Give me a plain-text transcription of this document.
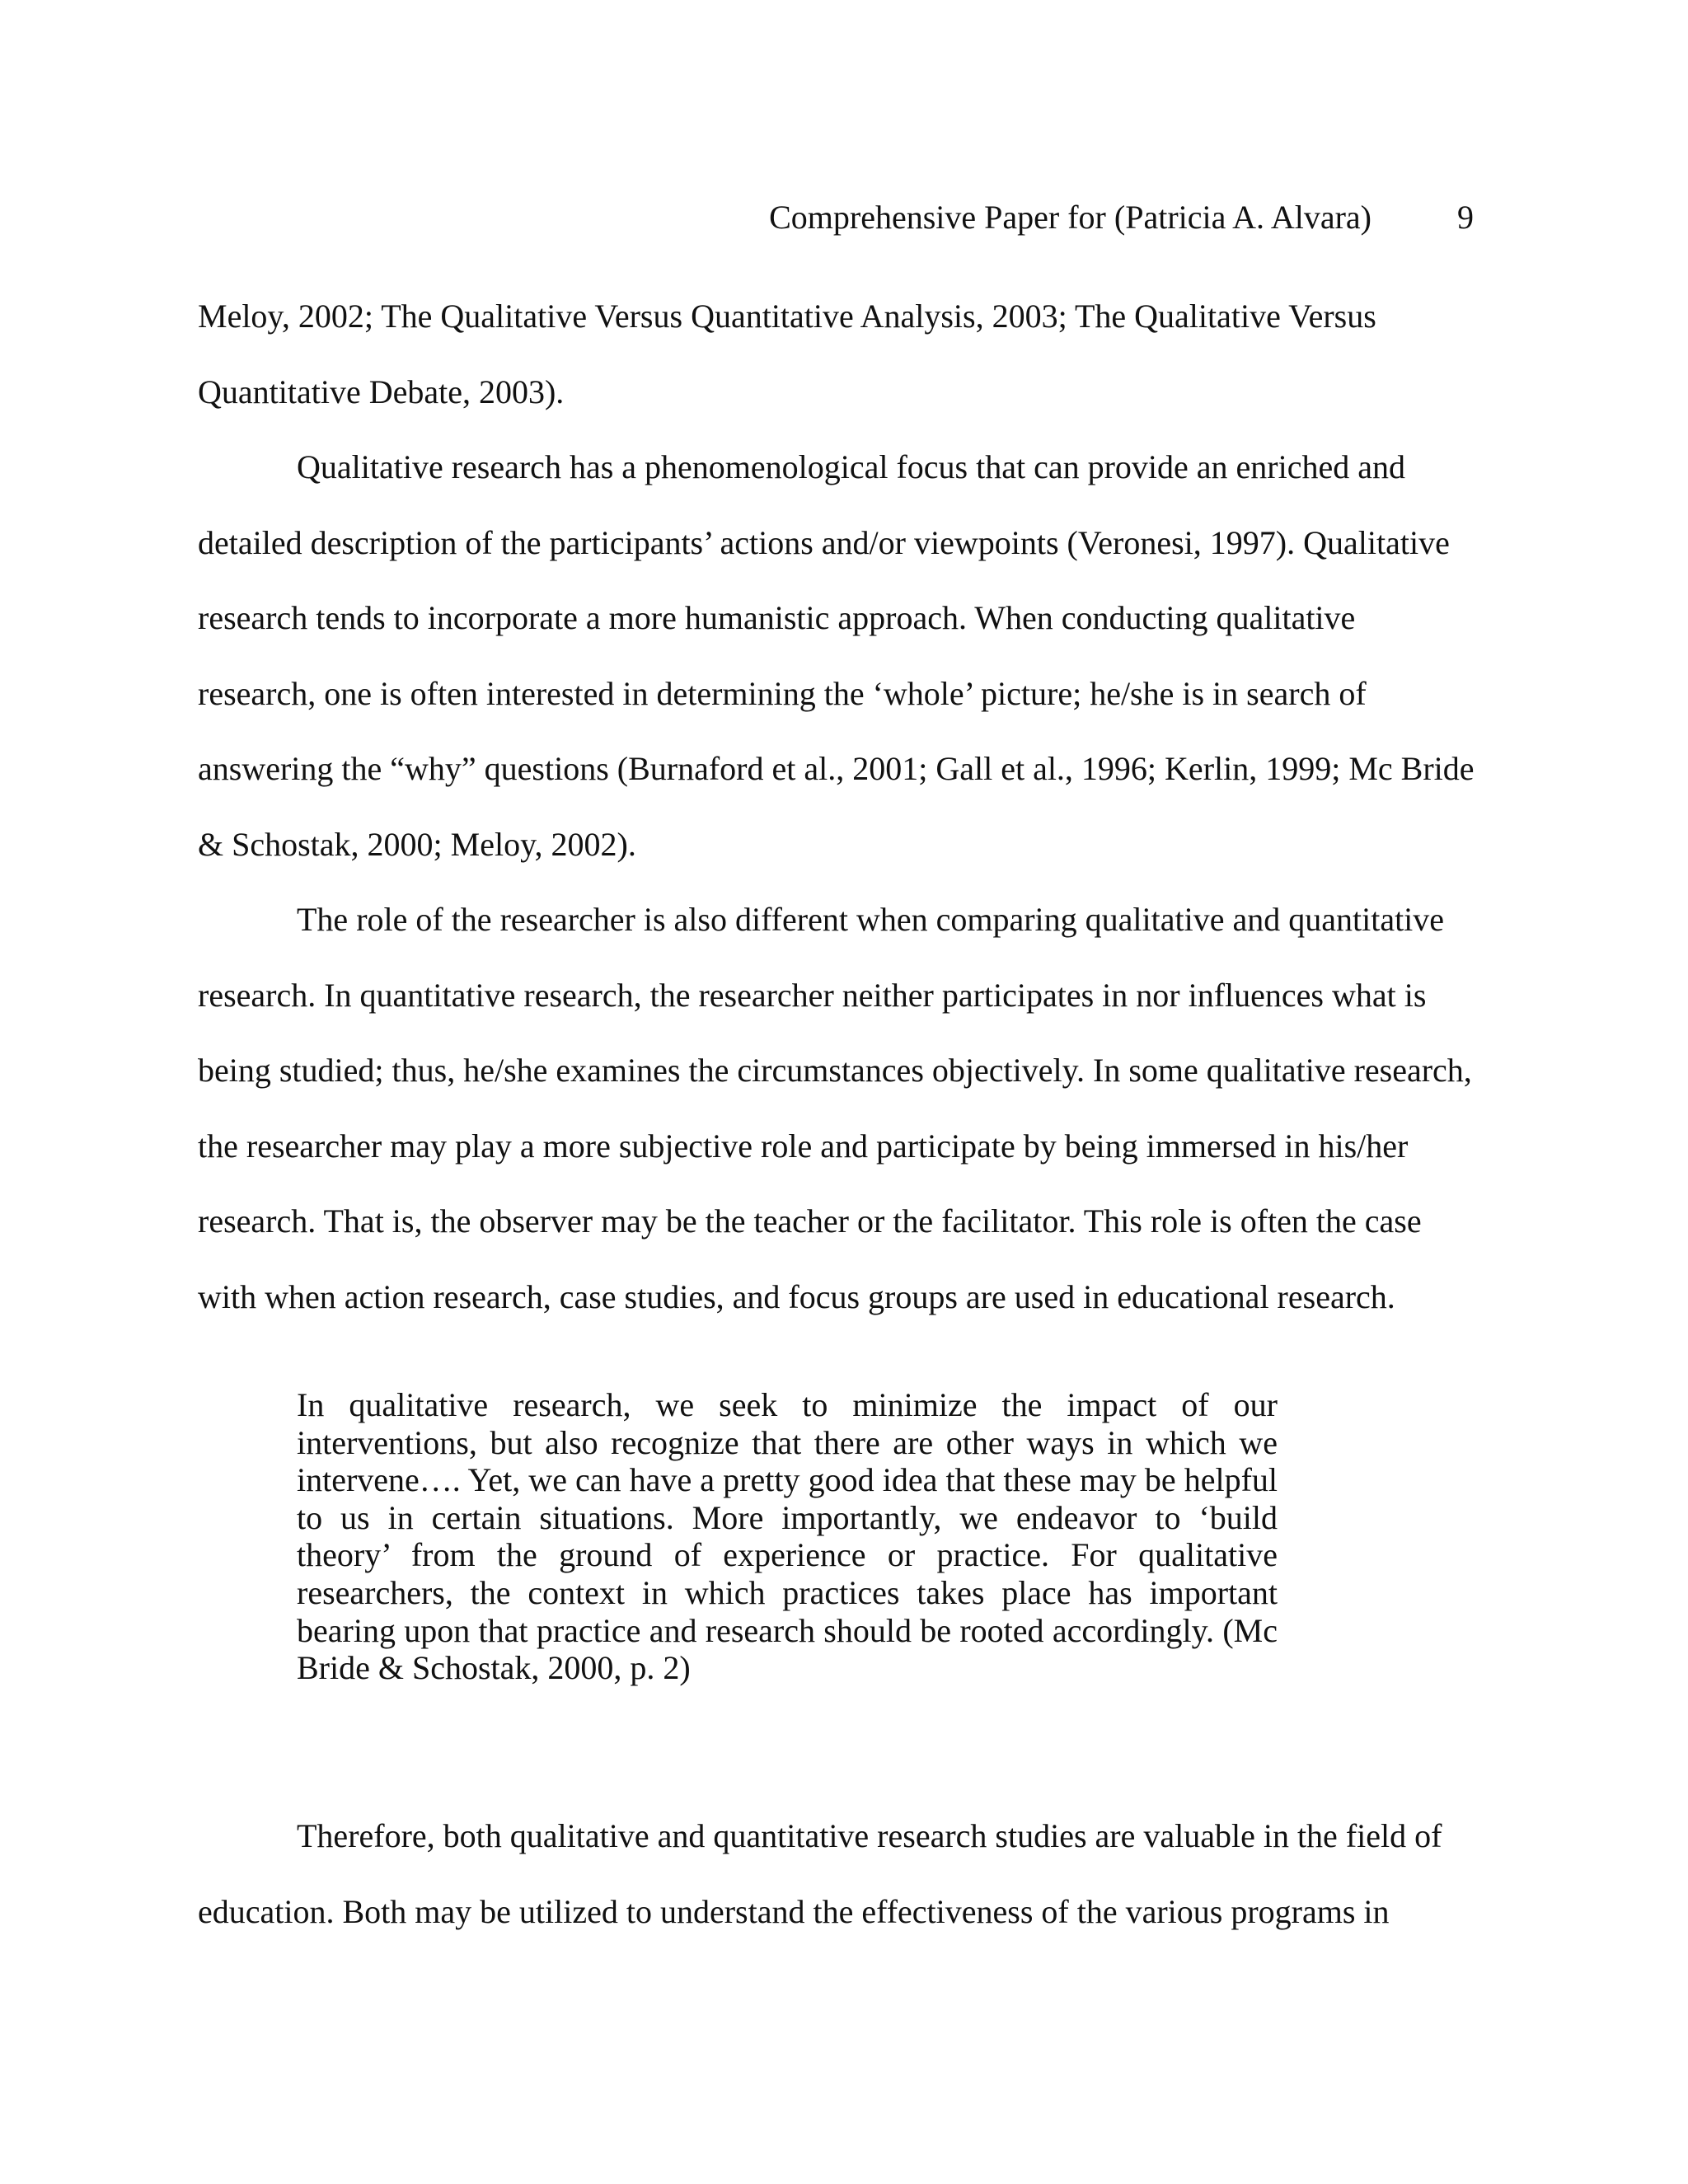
Comprehensive Paper for (Patricia A. Alvara)	9

Meloy, 2002; The Qualitative Versus Quantitative Analysis, 2003; The Qualitative Versus
Quantitative Debate, 2003).

Qualitative research has a phenomenological focus that can provide an enriched and
detailed description of the participants’ actions and/or viewpoints (Veronesi, 1997). Qualitative
research tends to incorporate a more humanistic approach. When conducting qualitative
research, one is often interested in determining the ‘whole’ picture; he/she is in search of
answering the “why” questions (Burnaford et al., 2001; Gall et al., 1996; Kerlin, 1999; Mc Bride
& Schostak, 2000; Meloy, 2002).

The role of the researcher is also different when comparing qualitative and quantitative
research. In quantitative research, the researcher neither participates in nor influences what is
being studied; thus, he/she examines the circumstances objectively. In some qualitative research,
the researcher may play a more subjective role and participate by being immersed in his/her
research. That is, the observer may be the teacher or the facilitator. This role is often the case
with when action research, case studies, and focus groups are used in educational research.

In qualitative research, we seek to minimize the impact of our
interventions, but also recognize that there are other ways in which we
intervene…. Yet, we can have a pretty good idea that these may be helpful
to us in certain situations. More importantly, we endeavor to ‘build
theory’ from the ground of experience or practice. For qualitative
researchers, the context in which practices takes place has important
bearing upon that practice and research should be rooted accordingly. (Mc
Bride & Schostak, 2000, p. 2)

Therefore, both qualitative and quantitative research studies are valuable in the field of
education. Both may be utilized to understand the effectiveness of the various programs in
